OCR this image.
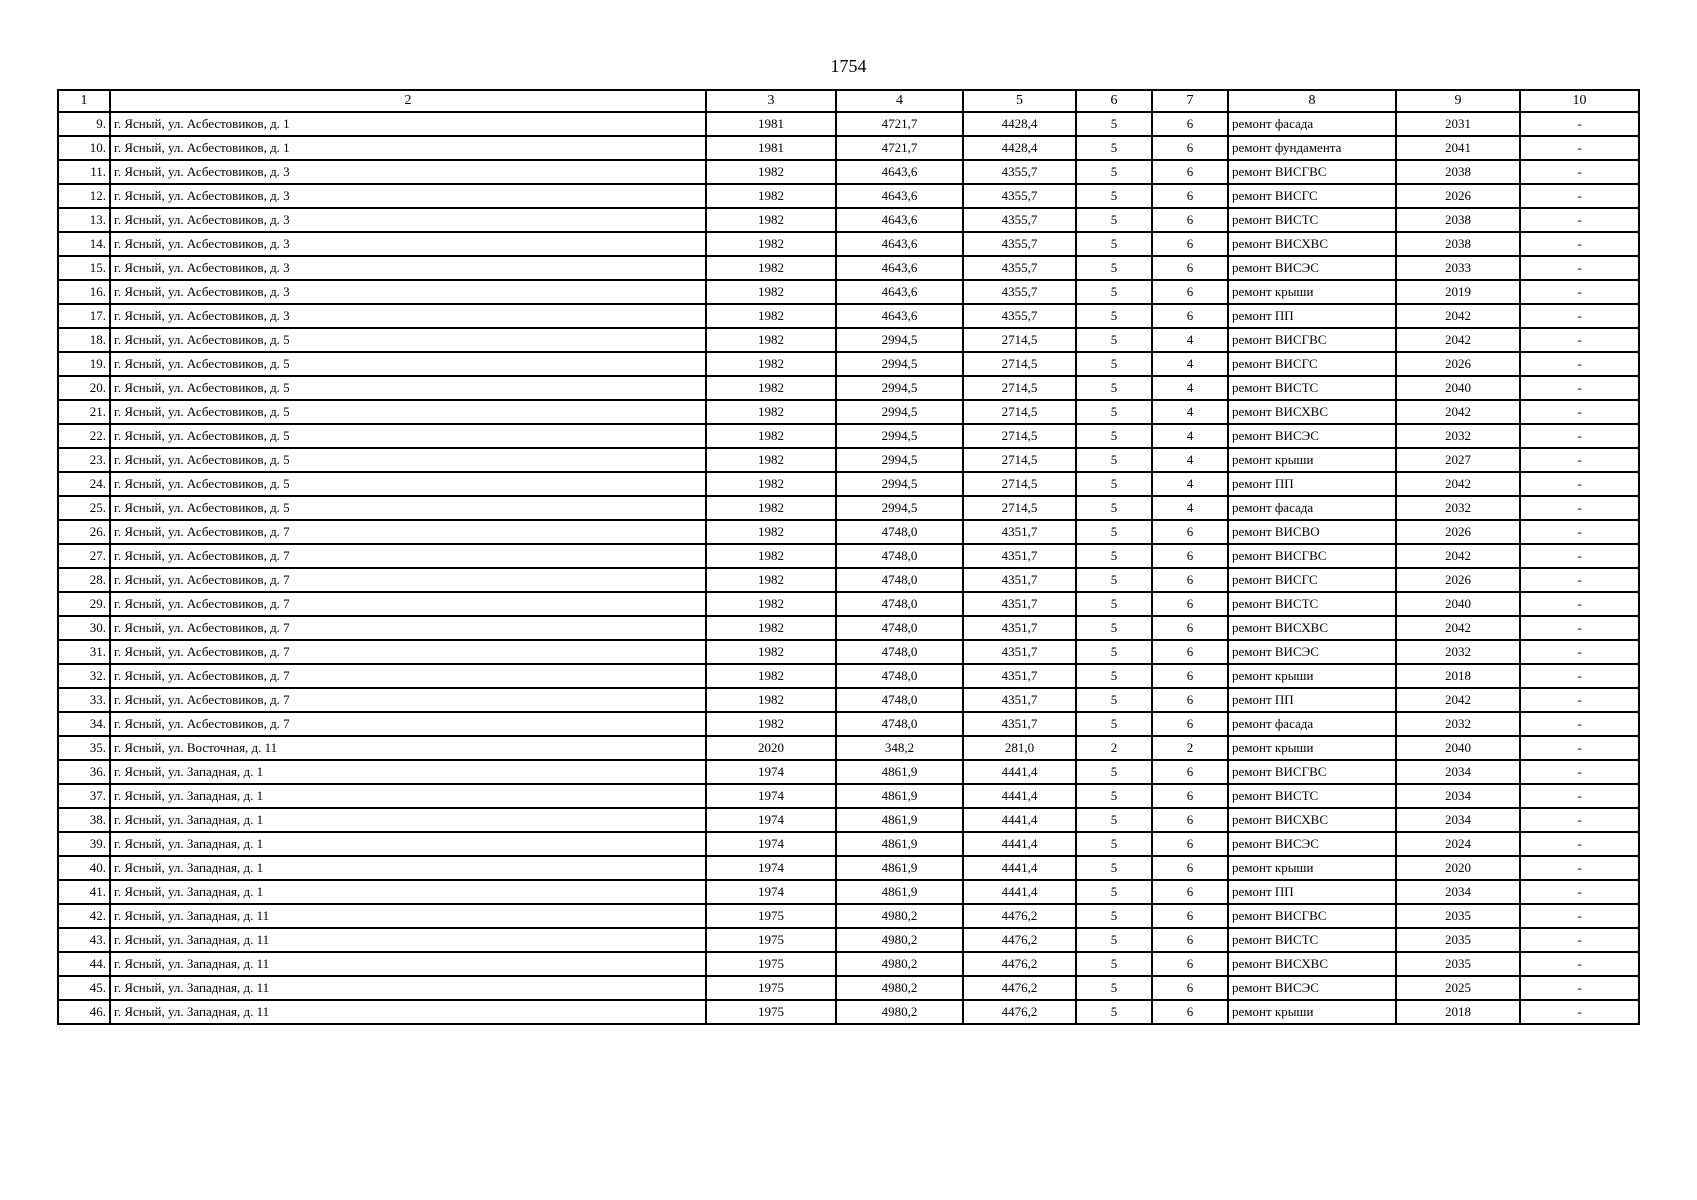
1754
1	2	3	4	5	6	7	8	9	10
9.	г. Ясный, ул. Асбестовиков, д. 1	1981	4721,7	4428,4	5	6	ремонт фасада	2031	-
10.	г. Ясный, ул. Асбестовиков, д. 1	1981	4721,7	4428,4	5	6	ремонт фундамента	2041	-
11.	г. Ясный, ул. Асбестовиков, д. 3	1982	4643,6	4355,7	5	6	ремонт ВИСГВС	2038	-
12.	г. Ясный, ул. Асбестовиков, д. 3	1982	4643,6	4355,7	5	6	ремонт ВИСГС	2026	-
13.	г. Ясный, ул. Асбестовиков, д. 3	1982	4643,6	4355,7	5	6	ремонт ВИСТС	2038	-
14.	г. Ясный, ул. Асбестовиков, д. 3	1982	4643,6	4355,7	5	6	ремонт ВИСХВС	2038	-
15.	г. Ясный, ул. Асбестовиков, д. 3	1982	4643,6	4355,7	5	6	ремонт ВИСЭС	2033	-
16.	г. Ясный, ул. Асбестовиков, д. 3	1982	4643,6	4355,7	5	6	ремонт крыши	2019	-
17.	г. Ясный, ул. Асбестовиков, д. 3	1982	4643,6	4355,7	5	6	ремонт ПП	2042	-
18.	г. Ясный, ул. Асбестовиков, д. 5	1982	2994,5	2714,5	5	4	ремонт ВИСГВС	2042	-
19.	г. Ясный, ул. Асбестовиков, д. 5	1982	2994,5	2714,5	5	4	ремонт ВИСГС	2026	-
20.	г. Ясный, ул. Асбестовиков, д. 5	1982	2994,5	2714,5	5	4	ремонт ВИСТС	2040	-
21.	г. Ясный, ул. Асбестовиков, д. 5	1982	2994,5	2714,5	5	4	ремонт ВИСХВС	2042	-
22.	г. Ясный, ул. Асбестовиков, д. 5	1982	2994,5	2714,5	5	4	ремонт ВИСЭС	2032	-
23.	г. Ясный, ул. Асбестовиков, д. 5	1982	2994,5	2714,5	5	4	ремонт крыши	2027	-
24.	г. Ясный, ул. Асбестовиков, д. 5	1982	2994,5	2714,5	5	4	ремонт ПП	2042	-
25.	г. Ясный, ул. Асбестовиков, д. 5	1982	2994,5	2714,5	5	4	ремонт фасада	2032	-
26.	г. Ясный, ул. Асбестовиков, д. 7	1982	4748,0	4351,7	5	6	ремонт ВИСВО	2026	-
27.	г. Ясный, ул. Асбестовиков, д. 7	1982	4748,0	4351,7	5	6	ремонт ВИСГВС	2042	-
28.	г. Ясный, ул. Асбестовиков, д. 7	1982	4748,0	4351,7	5	6	ремонт ВИСГС	2026	-
29.	г. Ясный, ул. Асбестовиков, д. 7	1982	4748,0	4351,7	5	6	ремонт ВИСТС	2040	-
30.	г. Ясный, ул. Асбестовиков, д. 7	1982	4748,0	4351,7	5	6	ремонт ВИСХВС	2042	-
31.	г. Ясный, ул. Асбестовиков, д. 7	1982	4748,0	4351,7	5	6	ремонт ВИСЭС	2032	-
32.	г. Ясный, ул. Асбестовиков, д. 7	1982	4748,0	4351,7	5	6	ремонт крыши	2018	-
33.	г. Ясный, ул. Асбестовиков, д. 7	1982	4748,0	4351,7	5	6	ремонт ПП	2042	-
34.	г. Ясный, ул. Асбестовиков, д. 7	1982	4748,0	4351,7	5	6	ремонт фасада	2032	-
35.	г. Ясный, ул. Восточная, д. 11	2020	348,2	281,0	2	2	ремонт крыши	2040	-
36.	г. Ясный, ул. Западная, д. 1	1974	4861,9	4441,4	5	6	ремонт ВИСГВС	2034	-
37.	г. Ясный, ул. Западная, д. 1	1974	4861,9	4441,4	5	6	ремонт ВИСТС	2034	-
38.	г. Ясный, ул. Западная, д. 1	1974	4861,9	4441,4	5	6	ремонт ВИСХВС	2034	-
39.	г. Ясный, ул. Западная, д. 1	1974	4861,9	4441,4	5	6	ремонт ВИСЭС	2024	-
40.	г. Ясный, ул. Западная, д. 1	1974	4861,9	4441,4	5	6	ремонт крыши	2020	-
41.	г. Ясный, ул. Западная, д. 1	1974	4861,9	4441,4	5	6	ремонт ПП	2034	-
42.	г. Ясный, ул. Западная, д. 11	1975	4980,2	4476,2	5	6	ремонт ВИСГВС	2035	-
43.	г. Ясный, ул. Западная, д. 11	1975	4980,2	4476,2	5	6	ремонт ВИСТС	2035	-
44.	г. Ясный, ул. Западная, д. 11	1975	4980,2	4476,2	5	6	ремонт ВИСХВС	2035	-
45.	г. Ясный, ул. Западная, д. 11	1975	4980,2	4476,2	5	6	ремонт ВИСЭС	2025	-
46.	г. Ясный, ул. Западная, д. 11	1975	4980,2	4476,2	5	6	ремонт крыши	2018	-
